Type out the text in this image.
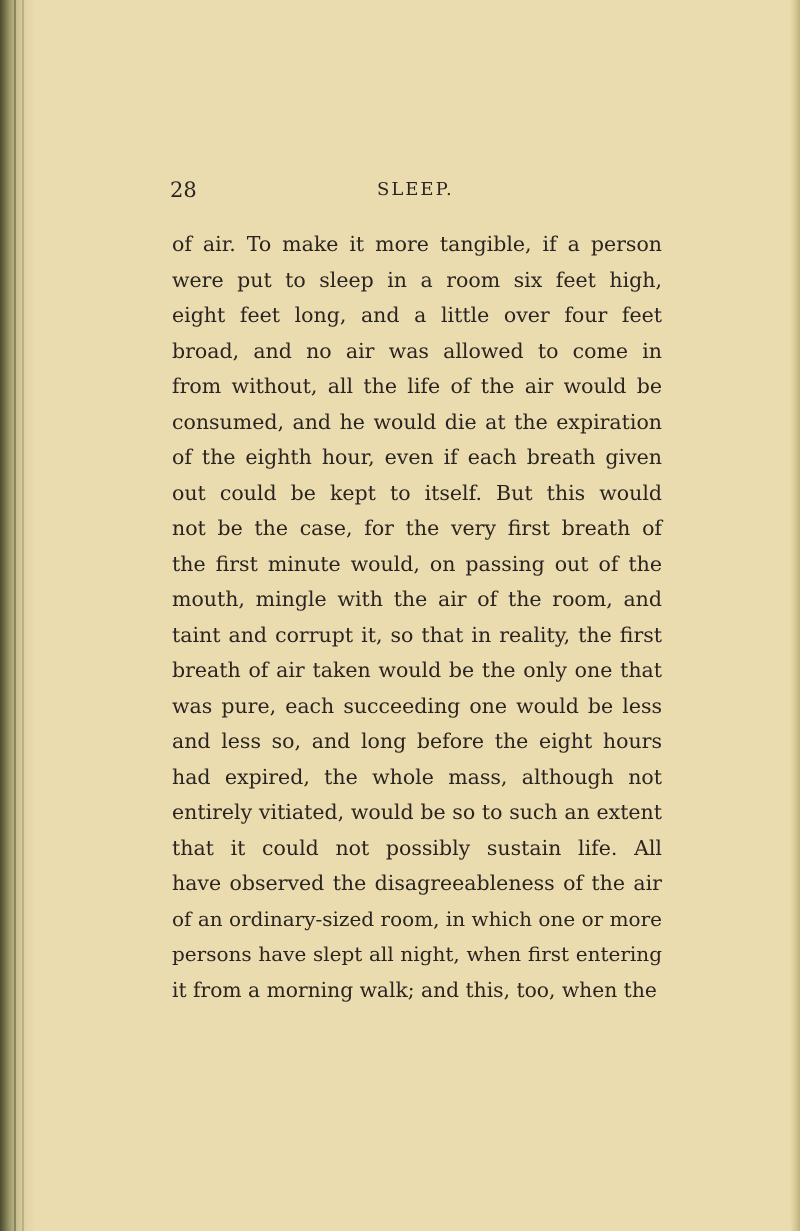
28	SLEEP.
of air. To make it more tangible, if a person
were put to sleep in a room six feet high,
eight feet long, and a little over four feet
broad, and no air was allowed to come in
from without, all the life of the air would be
consumed, and he would die at the expiration
of the eighth hour, even if each breath given
out could be kept to itself. But this would
not be the case, for the very first breath of
the first minute would, on passing out of the
mouth, mingle with the air of the room, and
taint and corrupt it, so that in reality, the first
breath of air taken would be the only one that
was pure, each succeeding one would be less
and less so, and long before the eight hours
had expired, the whole mass, although not
entirely vitiated, would be so to such an extent
that it could not possibly sustain life. All
have observed the disagreeableness of the air
of an ordinary-sized room, in which one or more
persons have slept all night, when first entering
it from a morning walk; and this, too, when the
